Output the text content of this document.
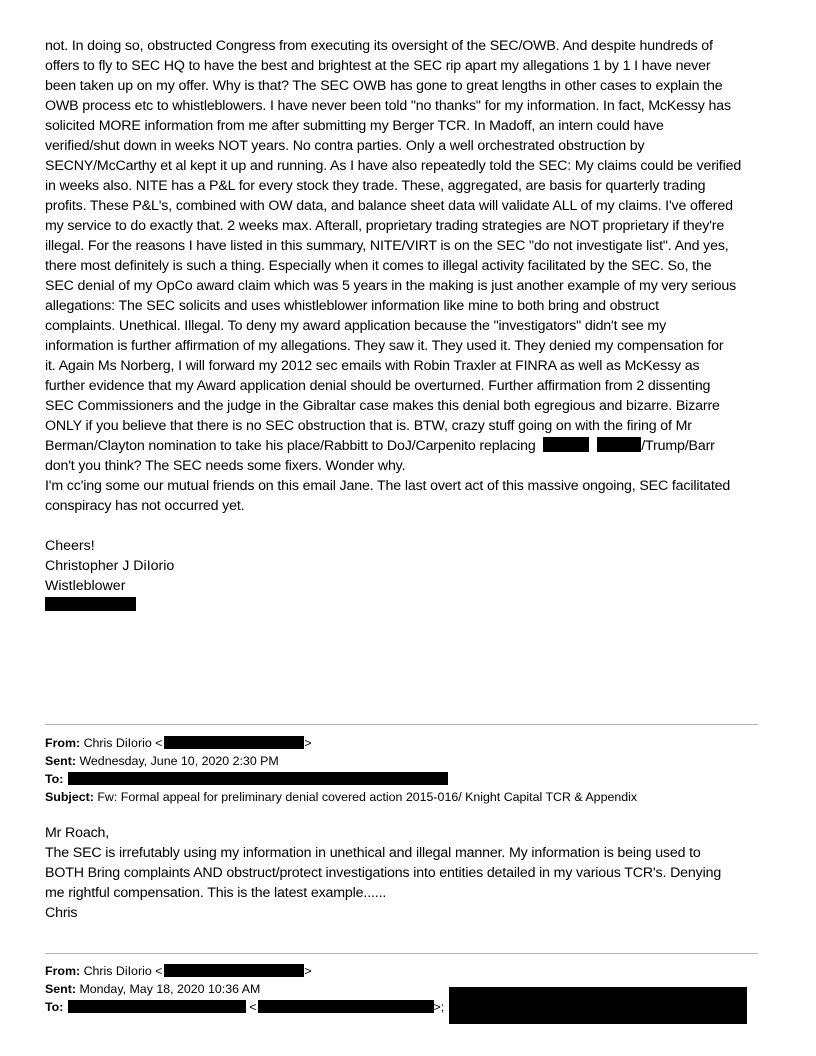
not. In doing so, obstructed Congress from executing its oversight of the SEC/OWB. And despite hundreds of
offers to fly to SEC HQ to have the best and brightest at the SEC rip apart my allegations 1 by 1 I have never
been taken up on my offer. Why is that? The SEC OWB has gone to great lengths in other cases to explain the
OWB process etc to whistleblowers. I have never been told "no thanks" for my information. In fact, McKessy has
solicited MORE information from me after submitting my Berger TCR. In Madoff, an intern could have
verified/shut down in weeks NOT years. No contra parties. Only a well orchestrated obstruction by
SECNY/McCarthy et al kept it up and running. As I have also repeatedly told the SEC: My claims could be verified
in weeks also. NITE has a P&L for every stock they trade. These, aggregated, are basis for quarterly trading
profits. These P&L's, combined with OW data, and balance sheet data will validate ALL of my claims. I've offered
my service to do exactly that. 2 weeks max. Afterall, proprietary trading strategies are NOT proprietary if they're
illegal. For the reasons I have listed in this summary, NITE/VIRT is on the SEC "do not investigate list". And yes,
there most definitely is such a thing. Especially when it comes to illegal activity facilitated by the SEC. So, the
SEC denial of my OpCo award claim which was 5 years in the making is just another example of my very serious
allegations: The SEC solicits and uses whistleblower information like mine to both bring and obstruct
complaints. Unethical. Illegal. To deny my award application because the "investigators" didn't see my
information is further affirmation of my allegations. They saw it. They used it. They denied my compensation for
it. Again Ms Norberg, I will forward my 2012 sec emails with Robin Traxler at FINRA as well as McKessy as
further evidence that my Award application denial should be overturned. Further affirmation from 2 dissenting
SEC Commissioners and the judge in the Gibraltar case makes this denial both egregious and bizarre. Bizarre
ONLY if you believe that there is no SEC obstruction that is. BTW, crazy stuff going on with the firing of Mr
Berman/Clayton nomination to take his place/Rabbitt to DoJ/Carpenito replacing	/Trump/Barr
don't you think? The SEC needs some fixers. Wonder why.
I'm cc'ing some our mutual friends on this email Jane. The last overt act of this massive ongoing, SEC facilitated
conspiracy has not occurred yet.
Cheers!
Christopher J DiIorio
Wistleblower
From: Chris DiIorio <	>
Sent: Wednesday, June 10, 2020 2:30 PM
To:
Subject: Fw: Formal appeal for preliminary denial covered action 2015-016/ Knight Capital TCR & Appendix
Mr Roach,
The SEC is irrefutably using my information in unethical and illegal manner. My information is being used to
BOTH Bring complaints AND obstruct/protect investigations into entities detailed in my various TCR's. Denying
me rightful compensation. This is the latest example......
Chris
From: Chris DiIorio <	>
Sent: Monday, May 18, 2020 10:36 AM
To:	<	>;
